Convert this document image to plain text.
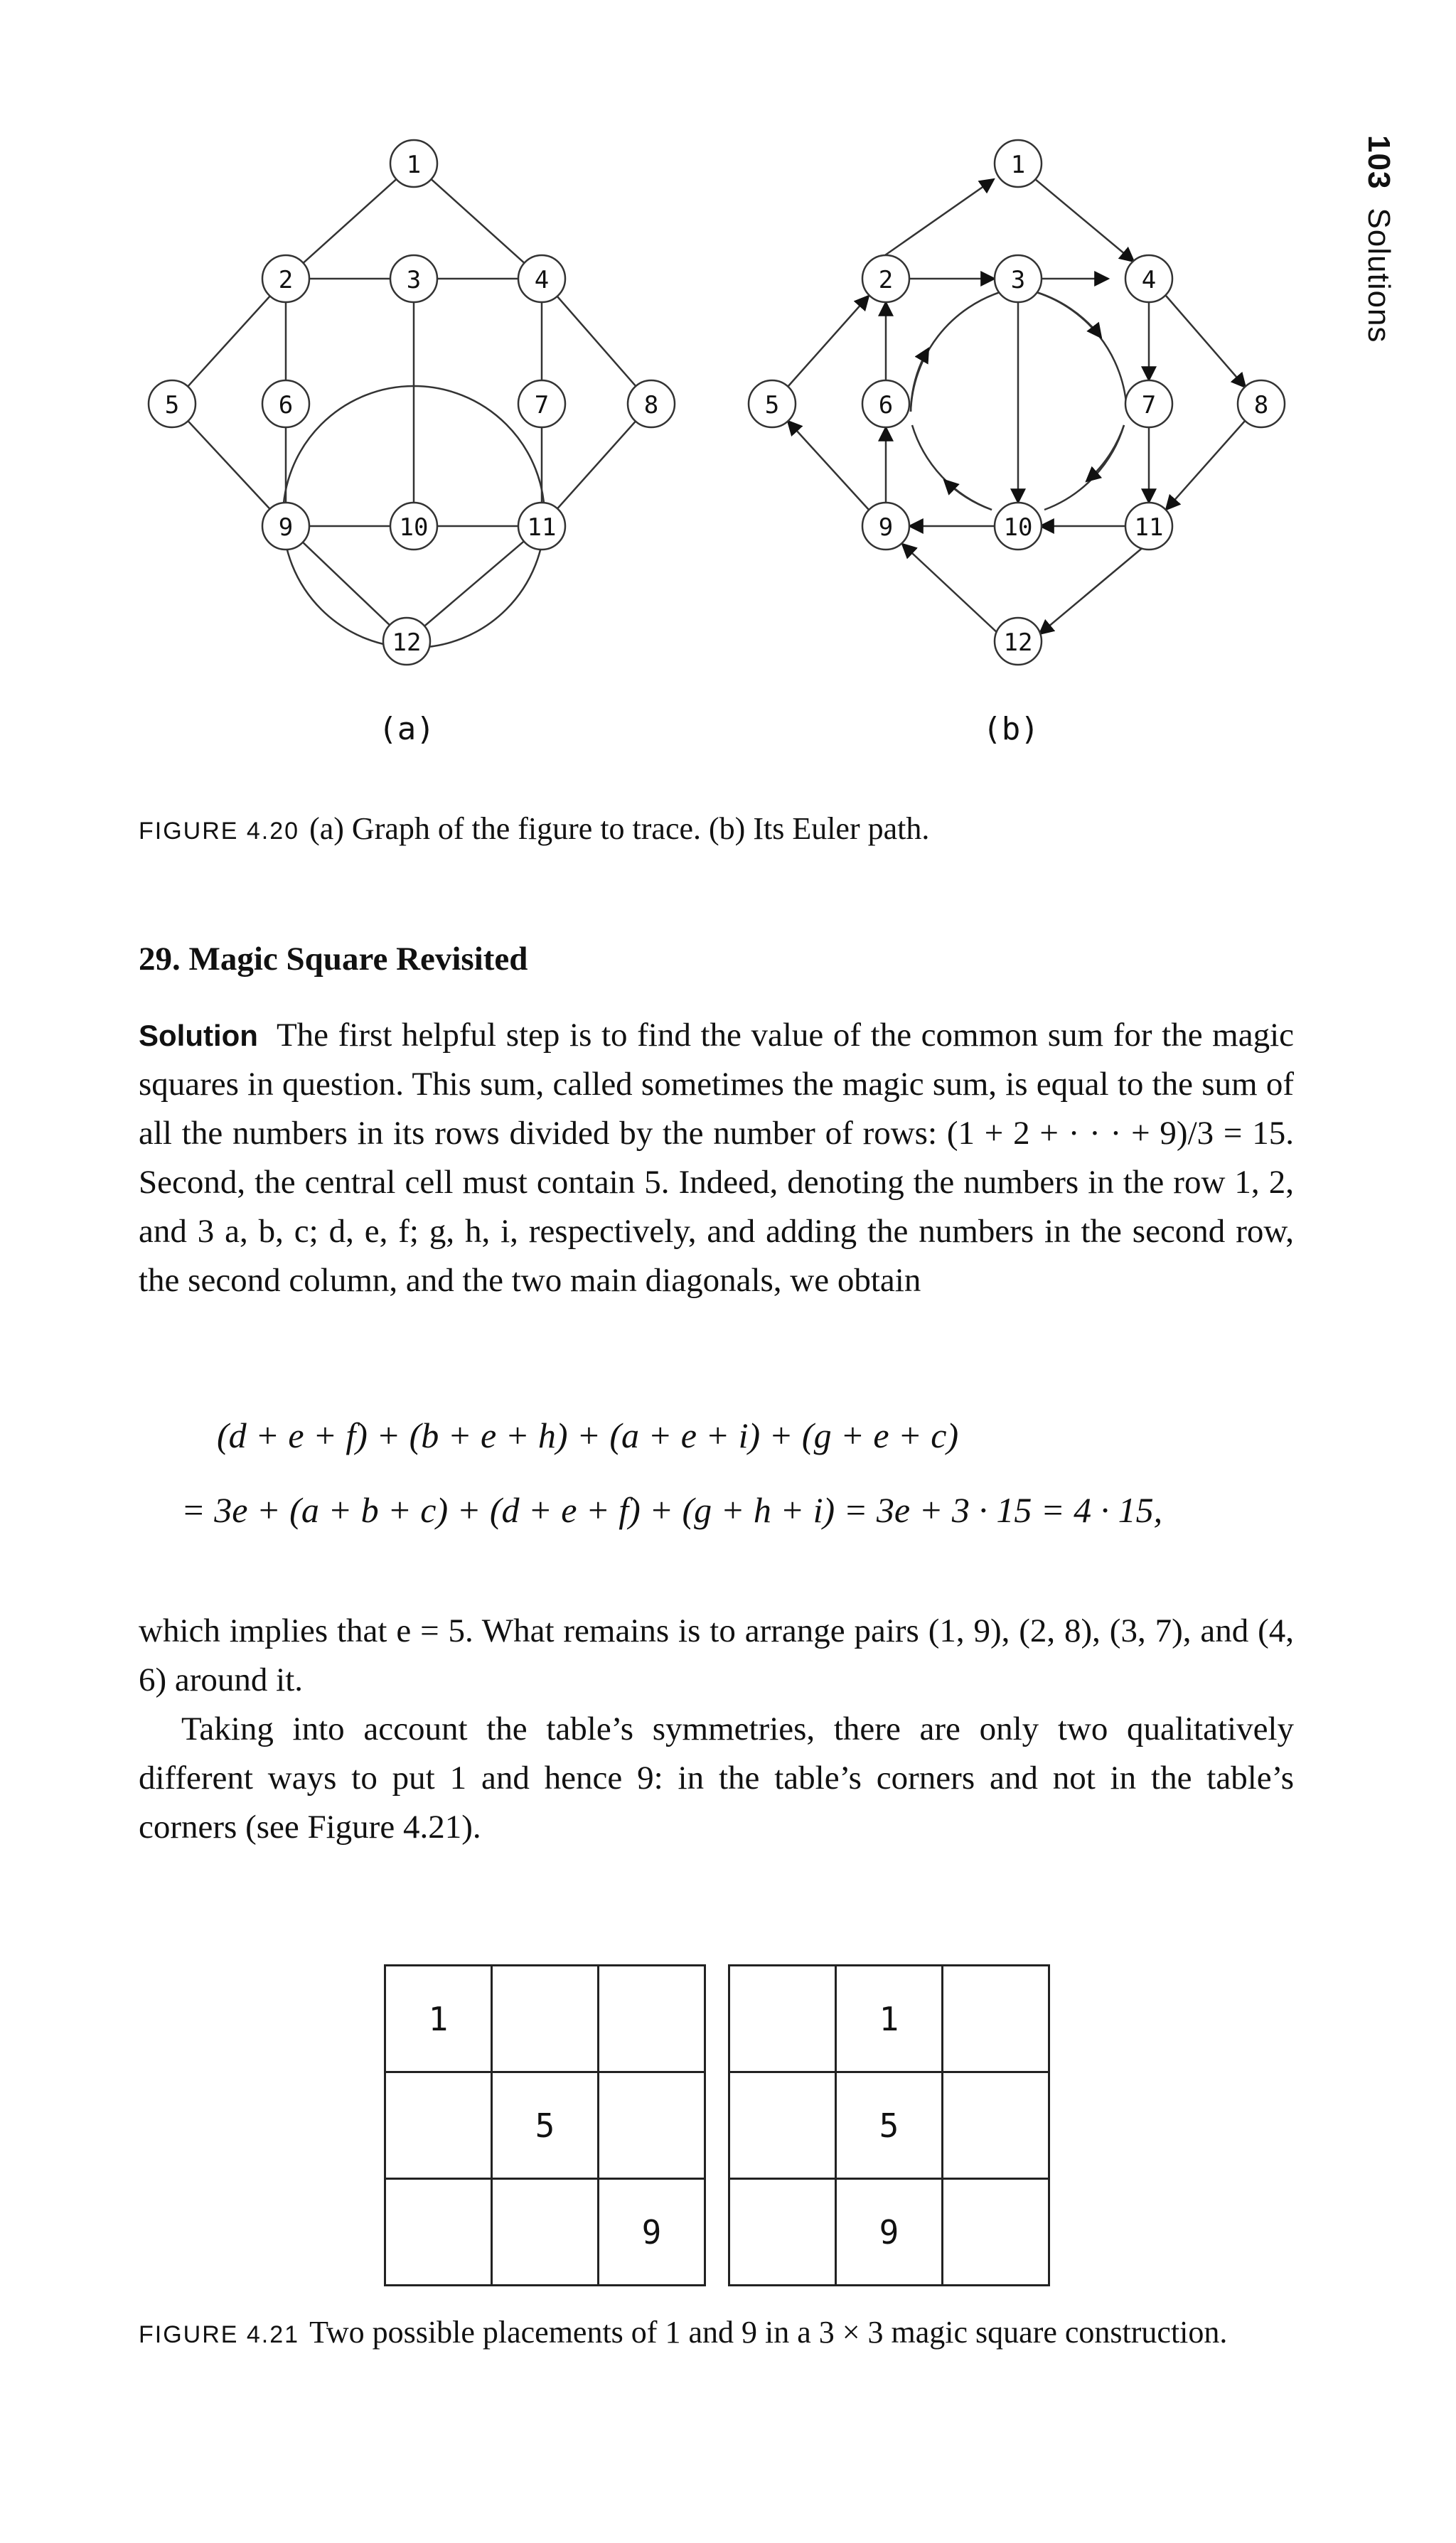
103Solutions
1
2	3	4
5	6	7	8
9	10	11
12
(a)
1
2	3	4
5	6	7	8
9	10	11
12
(b)
FIGURE 4.20 (a) Graph of the figure to trace. (b) Its Euler path.
29. Magic Square Revisited

Solution The first helpful step is to find the value of the common sum for the magic squares in question. This sum, called sometimes the magic sum, is equal to the sum of all the numbers in its rows divided by the number of rows: (1 + 2 + · · · + 9)/3 = 15. Second, the central cell must contain 5. Indeed, denoting the numbers in the row 1, 2, and 3 a, b, c; d, e, f; g, h, i, respectively, and adding the numbers in the second row, the second column, and the two main diagonals, we obtain

(d + e + f) + (b + e + h) + (a + e + i) + (g + e + c)
= 3e + (a + b + c) + (d + e + f) + (g + h + i) = 3e + 3 · 15 = 4 · 15,

which implies that e = 5. What remains is to arrange pairs (1, 9), (2, 8), (3, 7), and (4, 6) around it.

Taking into account the table’s symmetries, there are only two qualitatively different ways to put 1 and hence 9: in the table’s corners and not in the table’s corners (see Figure 4.21).

1		
	5	
		9
	1	
	5	
	9	
FIGURE 4.21 Two possible placements of 1 and 9 in a 3 × 3 magic square construction.
